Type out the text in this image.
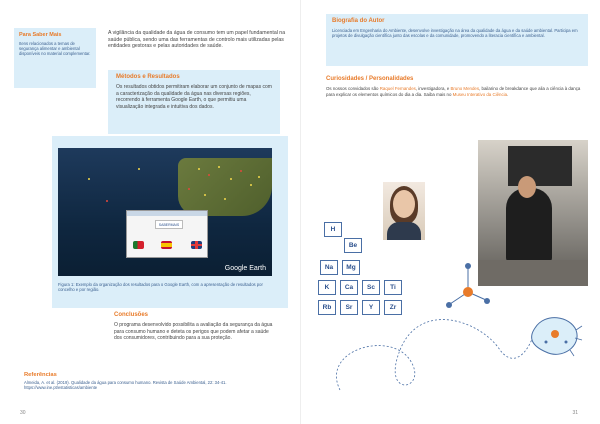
Para Saber Mais
Itens relacionados a temas de segurança alimentar e ambiental disponíveis no material complementar.
A vigilância da qualidade da água de consumo tem um papel fundamental na saúde pública, sendo uma das ferramentas de controlo mais utilizadas pelas entidades gestoras e pelas autoridades de saúde.
Métodos e Resultados
Os resultados obtidos permitiram elaborar um conjunto de mapas com a caracterização da qualidade da água nas diversas regiões, recorrendo à ferramenta Google Earth, o que permitiu uma visualização integrada e intuitiva dos dados.
SABERMAIS
Google Earth
Figura 1: Exemplo da organização dos resultados para o Google Earth, com a apresentação de resultados por concelho e por região.
Conclusões
O programa desenvolvido possibilita a avaliação da segurança da água para consumo humano e deteta os perigos que podem afetar a saúde dos consumidores, contribuindo para a sua proteção.
Referências
Almeida, A. et al. (2019). Qualidade da água para consumo humano. Revista de Saúde Ambiental, 22: 34-41.
https://www.ine.pt/estatisticas/ambiente
30
Biografia do Autor
Licenciada em Engenharia do Ambiente, desenvolve investigação na área da qualidade da água e da saúde ambiental. Participa em projetos de divulgação científica junto das escolas e da comunidade, promovendo a literacia científica e ambiental.
Curiosidades / Personalidades
Os nossos convidados são Raquel Fernandes, investigadora, e Bruno Mendes, bailarino de breakdance que alia a ciência à dança para explicar os elementos químicos do dia a dia. Saiba mais no Museu Interativo da Ciência.
H
Be
Na	Mg
K	Ca	Sc	Ti
Rb	Sr	Y	Zr
31
